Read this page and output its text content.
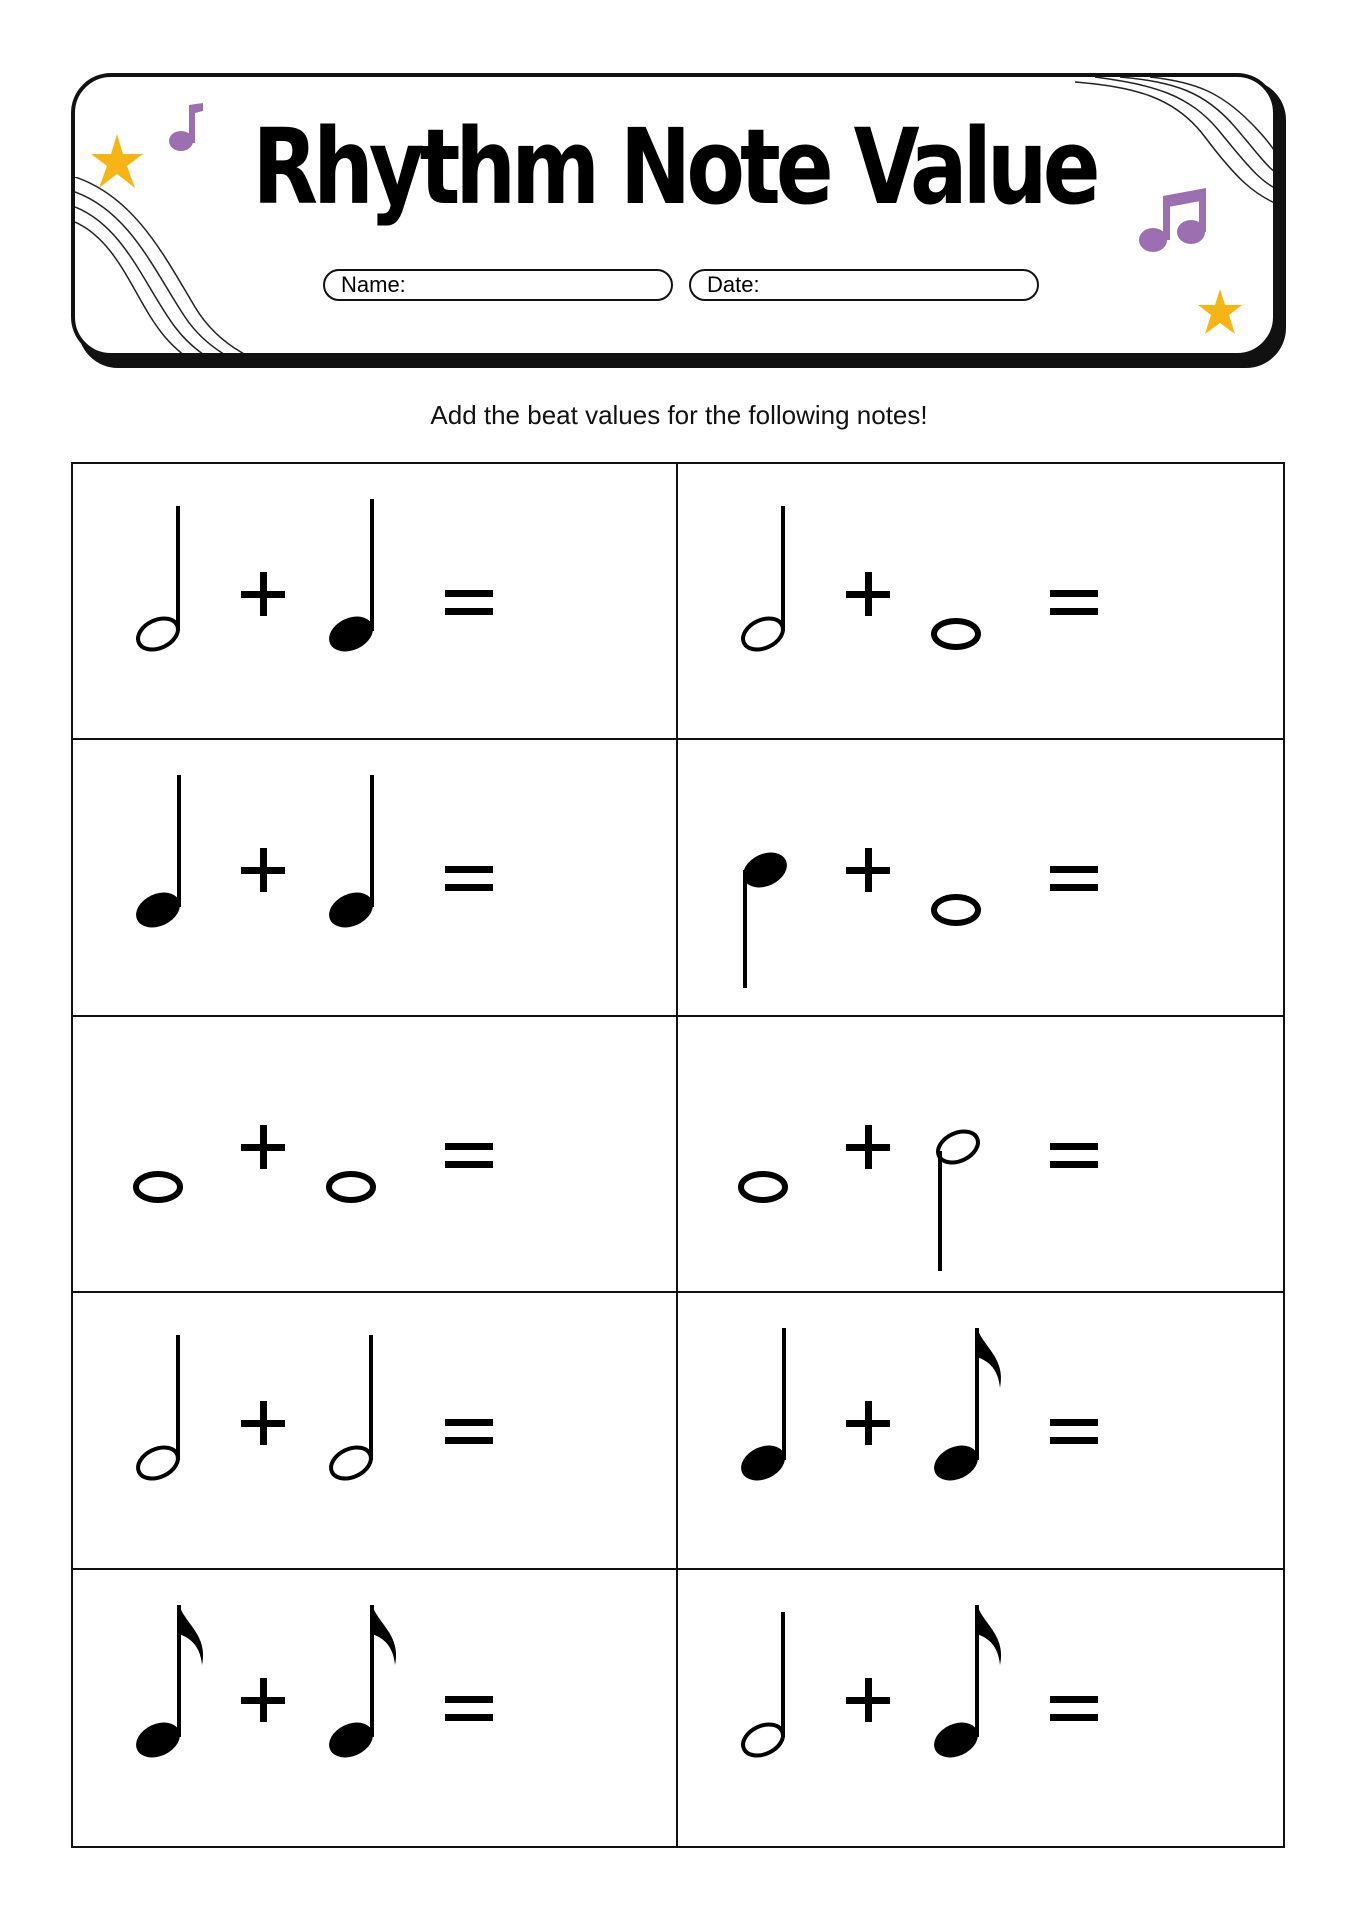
Rhythm Note Value
Name:	Date:
Add the beat values for the following notes!
